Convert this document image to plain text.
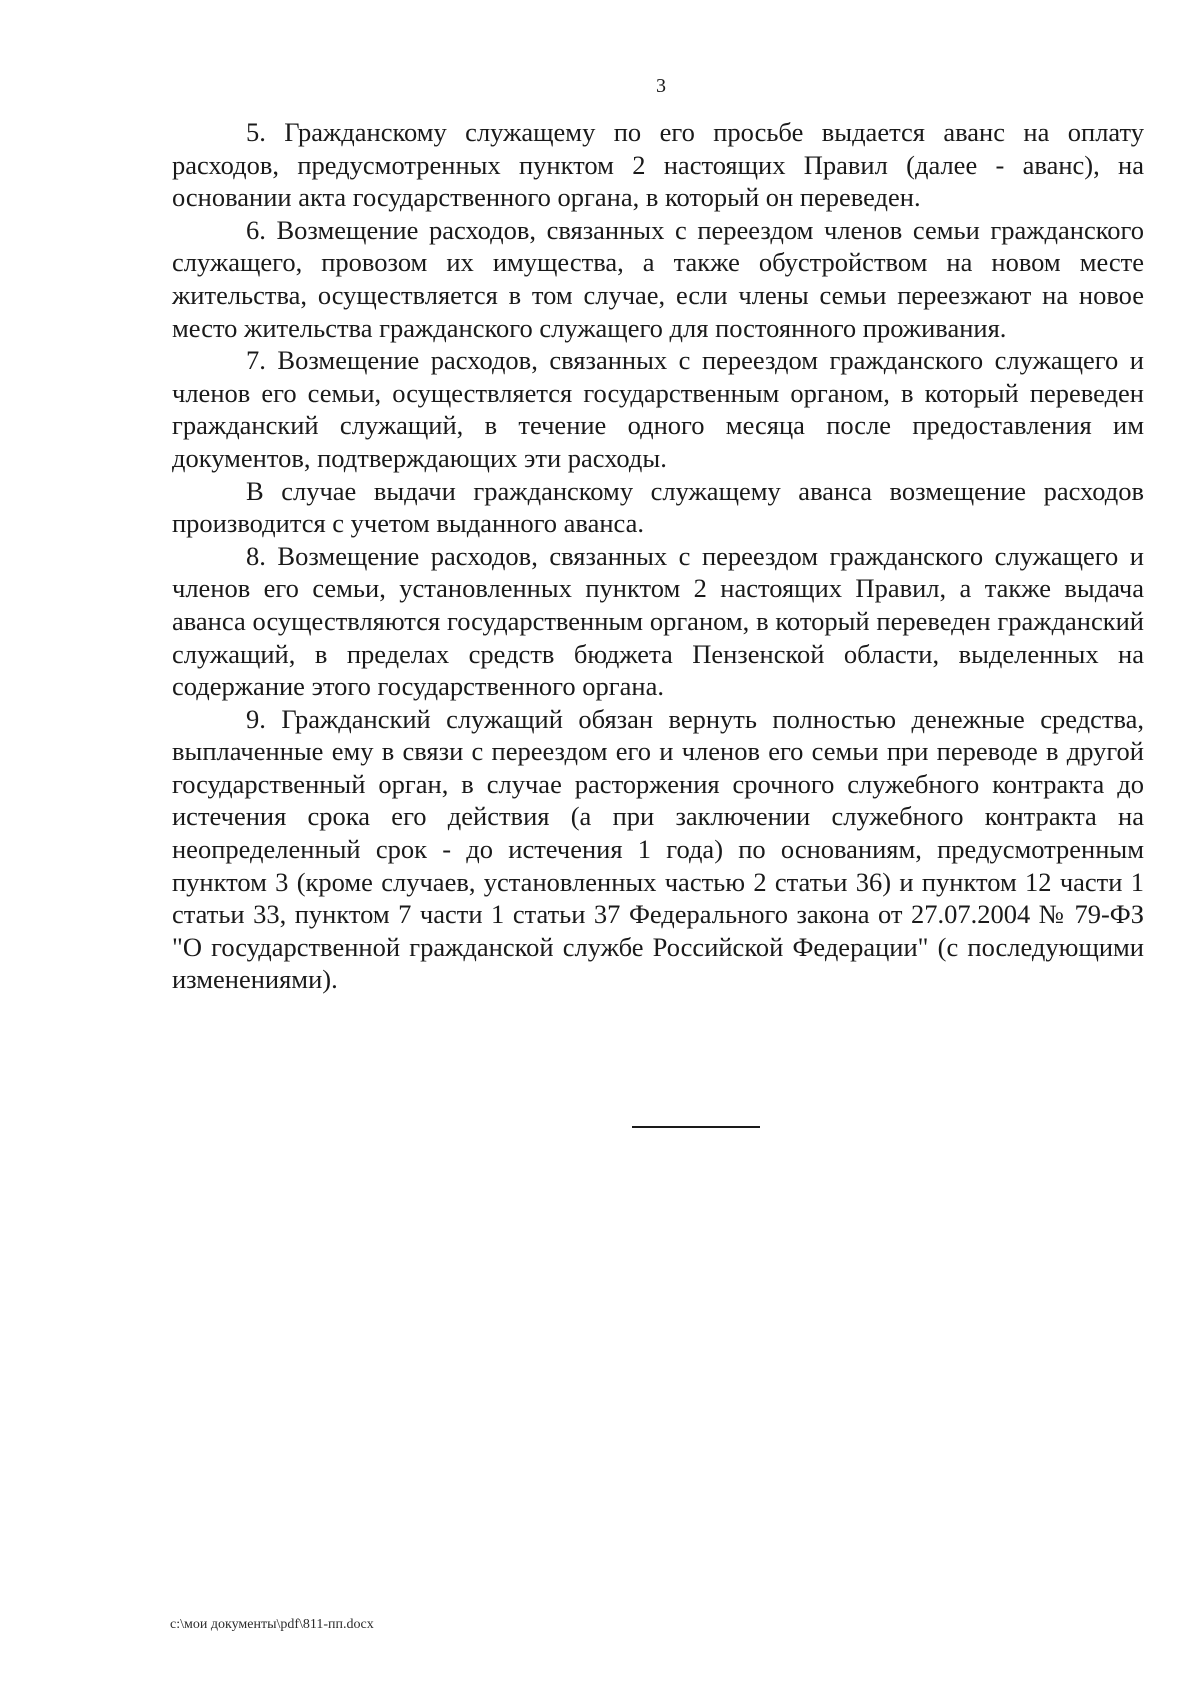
3

5. Гражданскому служащему по его просьбе выдается аванс на оплату расходов, предусмотренных пунктом 2 настоящих Правил (далее - аванс), на основании акта государственного органа, в который он переведен.

6. Возмещение расходов, связанных с переездом членов семьи гражданского служащего, провозом их имущества, а также обустройством на новом месте жительства, осуществляется в том случае, если члены семьи переезжают на новое место жительства гражданского служащего для постоянного проживания.

7. Возмещение расходов, связанных с переездом гражданского служащего и членов его семьи, осуществляется государственным органом, в который переведен гражданский служащий, в течение одного месяца после предоставления им документов, подтверждающих эти расходы.

В случае выдачи гражданскому служащему аванса возмещение расходов производится с учетом выданного аванса.

8. Возмещение расходов, связанных с переездом гражданского служащего и членов его семьи, установленных пунктом 2 настоящих Правил, а также выдача аванса осуществляются государственным органом, в который переведен гражданский служащий, в пределах средств бюджета Пензенской области, выделенных на содержание этого государственного органа.

9. Гражданский служащий обязан вернуть полностью денежные средства, выплаченные ему в связи с переездом его и членов его семьи при переводе в другой государственный орган, в случае расторжения срочного служебного контракта до истечения срока его действия (а при заключении служебного контракта на неопределенный срок - до истечения 1 года) по основаниям, предусмотренным пунктом 3 (кроме случаев, установленных частью 2 статьи 36) и пунктом 12 части 1 статьи 33, пунктом 7 части 1 статьи 37 Федерального закона от 27.07.2004 № 79-ФЗ "О государственной гражданской службе Российской Федерации" (с последующими изменениями).

c:\мои документы\pdf\811-пп.docx
